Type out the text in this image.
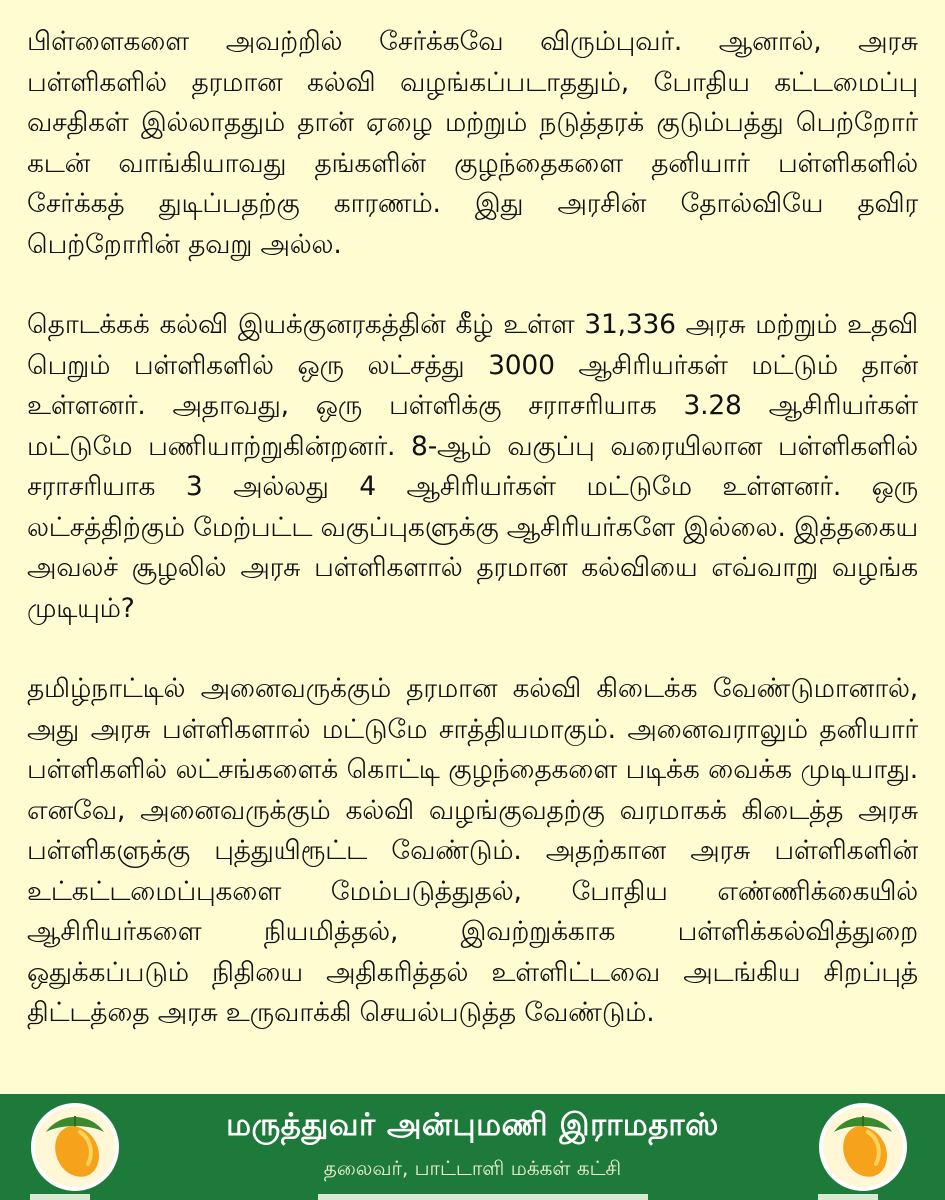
பிள்ளைகளை அவற்றில் சேர்க்கவே விரும்புவர். ஆனால், அரசு பள்ளிகளில் தரமான கல்வி வழங்கப்படாததும், போதிய கட்டமைப்பு வசதிகள் இல்லாததும் தான் ஏழை மற்றும் நடுத்தரக் குடும்பத்து பெற்றோர் கடன் வாங்கியாவது தங்களின் குழந்தைகளை தனியார் பள்ளிகளில் சேர்க்கத் துடிப்பதற்கு காரணம். இது அரசின் தோல்வியே தவிர பெற்றோரின் தவறு அல்ல.

தொடக்கக் கல்வி இயக்குனரகத்தின் கீழ் உள்ள 31,336 அரசு மற்றும் உதவி பெறும் பள்ளிகளில் ஒரு லட்சத்து 3000 ஆசிரியர்கள் மட்டும் தான் உள்ளனர். அதாவது, ஒரு பள்ளிக்கு சராசரியாக 3.28 ஆசிரியர்கள் மட்டுமே பணியாற்றுகின்றனர். 8-ஆம் வகுப்பு வரையிலான பள்ளிகளில் சராசரியாக 3 அல்லது 4 ஆசிரியர்கள் மட்டுமே உள்ளனர். ஒரு லட்சத்திற்கும் மேற்பட்ட வகுப்புகளுக்கு ஆசிரியர்களே இல்லை. இத்தகைய அவலச் சூழலில் அரசு பள்ளிகளால் தரமான கல்வியை எவ்வாறு வழங்க முடியும்?

தமிழ்நாட்டில் அனைவருக்கும் தரமான கல்வி கிடைக்க வேண்டுமானால், அது அரசு பள்ளிகளால் மட்டுமே சாத்தியமாகும். அனைவராலும் தனியார் பள்ளிகளில் லட்சங்களைக் கொட்டி குழந்தைகளை படிக்க வைக்க முடியாது. எனவே, அனைவருக்கும் கல்வி வழங்குவதற்கு வரமாகக் கிடைத்த அரசு பள்ளிகளுக்கு புத்துயிரூட்ட வேண்டும். அதற்கான அரசு பள்ளிகளின் உட்கட்டமைப்புகளை மேம்படுத்துதல், போதிய எண்ணிக்கையில் ஆசிரியர்களை நியமித்தல், இவற்றுக்காக பள்ளிக்கல்வித்துறை ஒதுக்கப்படும் நிதியை அதிகரித்தல் உள்ளிட்டவை அடங்கிய சிறப்புத் திட்டத்தை அரசு உருவாக்கி செயல்படுத்த வேண்டும்.

மருத்துவர் அன்புமணி இராமதாஸ்
தலைவர், பாட்டாளி மக்கள் கட்சி
